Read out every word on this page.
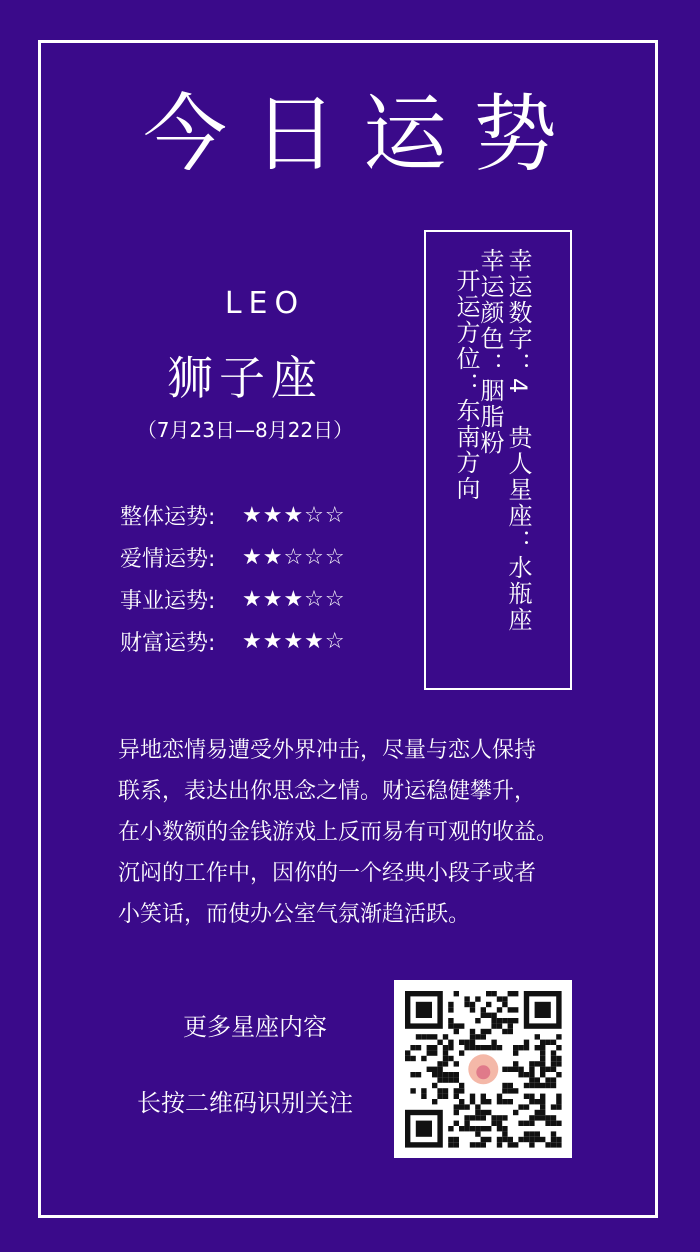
今日运势
LEO
狮子座
（7月23日—8月22日）
整体运势:	★★★☆☆
爱情运势:	★★☆☆☆
事业运势:	★★★☆☆
财富运势:	★★★★☆
幸运数字：4 贵人星座：水瓶座
幸运颜色：胭脂粉 开运方位：东南方向

异地恋情易遭受外界冲击，尽量与恋人保持

联系，表达出你思念之情。财运稳健攀升，

在小数额的金钱游戏上反而易有可观的收益。

沉闷的工作中，因你的一个经典小段子或者

小笑话，而使办公室气氛渐趋活跃。

更多星座内容
长按二维码识别关注
